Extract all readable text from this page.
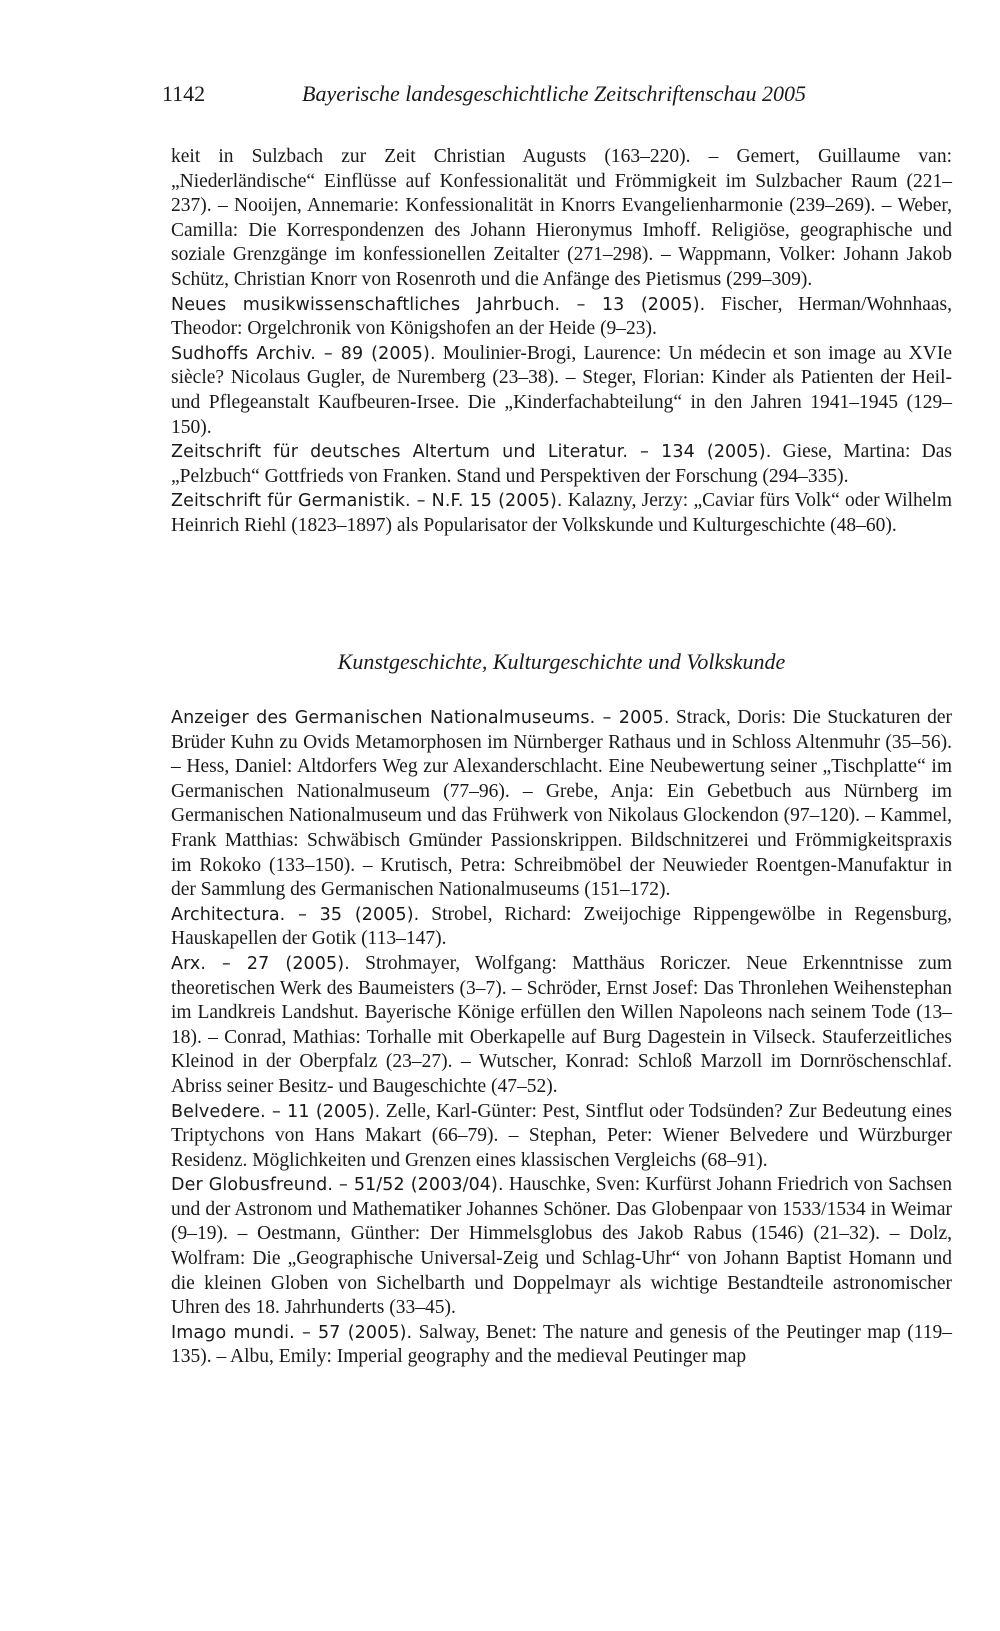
1142	Bayerische landesgeschichtliche Zeitschriftenschau 2005

keit in Sulzbach zur Zeit Christian Augusts (163–220). – Gemert, Guillaume van: „Niederländische“ Einflüsse auf Konfessionalität und Frömmigkeit im Sulzbacher Raum (221–237). – Nooijen, Annemarie: Konfessionalität in Knorrs Evangelienharmonie (239–269). – Weber, Camilla: Die Korrespondenzen des Johann Hieronymus Imhoff. Religiöse, geographische und soziale Grenzgänge im konfessionellen Zeitalter (271–298). – Wappmann, Volker: Johann Jakob Schütz, Christian Knorr von Rosenroth und die Anfänge des Pietismus (299–309).

Neues musikwissenschaftliches Jahrbuch. – 13 (2005). Fischer, Herman/Wohnhaas, Theodor: Orgelchronik von Königshofen an der Heide (9–23).

Sudhoffs Archiv. – 89 (2005). Moulinier-Brogi, Laurence: Un médecin et son image au XVIe siècle? Nicolaus Gugler, de Nuremberg (23–38). – Steger, Florian: Kinder als Patienten der Heil- und Pflegeanstalt Kaufbeuren-Irsee. Die „Kinderfachabteilung“ in den Jahren 1941–1945 (129–150).

Zeitschrift für deutsches Altertum und Literatur. – 134 (2005). Giese, Martina: Das „Pelzbuch“ Gottfrieds von Franken. Stand und Perspektiven der Forschung (294–335).

Zeitschrift für Germanistik. – N.F. 15 (2005). Kalazny, Jerzy: „Caviar fürs Volk“ oder Wilhelm Heinrich Riehl (1823–1897) als Popularisator der Volkskunde und Kulturgeschichte (48–60).

Kunstgeschichte, Kulturgeschichte und Volkskunde

Anzeiger des Germanischen Nationalmuseums. – 2005. Strack, Doris: Die Stuckaturen der Brüder Kuhn zu Ovids Metamorphosen im Nürnberger Rathaus und in Schloss Altenmuhr (35–56). – Hess, Daniel: Altdorfers Weg zur Alexanderschlacht. Eine Neubewertung seiner „Tischplatte“ im Germanischen Nationalmuseum (77–96). – Grebe, Anja: Ein Gebetbuch aus Nürnberg im Germanischen Nationalmuseum und das Frühwerk von Nikolaus Glockendon (97–120). – Kammel, Frank Matthias: Schwäbisch Gmünder Passionskrippen. Bildschnitzerei und Frömmigkeitspraxis im Rokoko (133–150). – Krutisch, Petra: Schreibmöbel der Neuwieder Roentgen-Manufaktur in der Sammlung des Germanischen Nationalmuseums (151–172).

Architectura. – 35 (2005). Strobel, Richard: Zweijochige Rippengewölbe in Regensburg, Hauskapellen der Gotik (113–147).

Arx. – 27 (2005). Strohmayer, Wolfgang: Matthäus Roriczer. Neue Erkenntnisse zum theoretischen Werk des Baumeisters (3–7). – Schröder, Ernst Josef: Das Thronlehen Weihenstephan im Landkreis Landshut. Bayerische Könige erfüllen den Willen Napoleons nach seinem Tode (13–18). – Conrad, Mathias: Torhalle mit Oberkapelle auf Burg Dagestein in Vilseck. Stauferzeitliches Kleinod in der Oberpfalz (23–27). – Wutscher, Konrad: Schloß Marzoll im Dornröschenschlaf. Abriss seiner Besitz- und Baugeschichte (47–52).

Belvedere. – 11 (2005). Zelle, Karl-Günter: Pest, Sintflut oder Todsünden? Zur Bedeutung eines Triptychons von Hans Makart (66–79). – Stephan, Peter: Wiener Belvedere und Würzburger Residenz. Möglichkeiten und Grenzen eines klassischen Vergleichs (68–91).

Der Globusfreund. – 51/52 (2003/04). Hauschke, Sven: Kurfürst Johann Friedrich von Sachsen und der Astronom und Mathematiker Johannes Schöner. Das Globenpaar von 1533/1534 in Weimar (9–19). – Oestmann, Günther: Der Himmelsglobus des Jakob Rabus (1546) (21–32). – Dolz, Wolfram: Die „Geographische Universal-Zeig und Schlag-Uhr“ von Johann Baptist Homann und die kleinen Globen von Sichelbarth und Doppelmayr als wichtige Bestandteile astronomischer Uhren des 18. Jahrhunderts (33–45).

Imago mundi. – 57 (2005). Salway, Benet: The nature and genesis of the Peutinger map (119–135). – Albu, Emily: Imperial geography and the medieval Peutinger map
